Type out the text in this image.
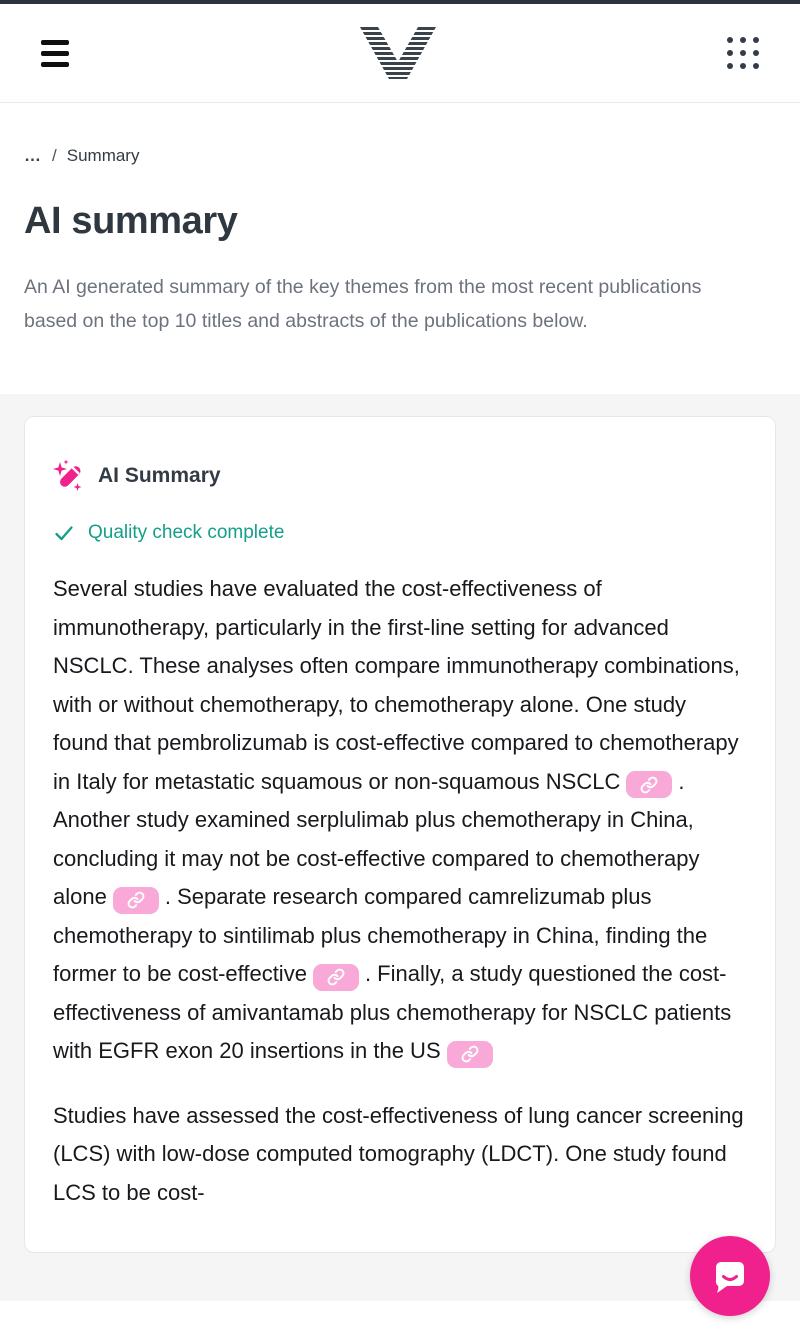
… / Summary
AI summary

An AI generated summary of the key themes from the most recent publications based on the top 10 titles and abstracts of the publications below.

AI Summary
Quality check complete

Several studies have evaluated the cost-effectiveness of immunotherapy, particularly in the first-line setting for advanced NSCLC. These analyses often compare immunotherapy combinations, with or without chemotherapy, to chemotherapy alone. One study found that pembrolizumab is cost-effective compared to chemotherapy in Italy for metastatic squamous or non-squamous NSCLC	. Another study examined serplulimab plus chemotherapy in China, concluding it may not be cost-effective compared to chemotherapy alone	. Separate research compared camrelizumab plus chemotherapy to sintilimab plus chemotherapy in China, finding the former to be cost-effective	. Finally, a study questioned the cost-effectiveness of amivantamab plus chemotherapy for NSCLC patients with EGFR exon 20 insertions in the US

Studies have assessed the cost-effectiveness of lung cancer screening (LCS) with low-dose computed tomography (LDCT). One study found LCS to be cost-
